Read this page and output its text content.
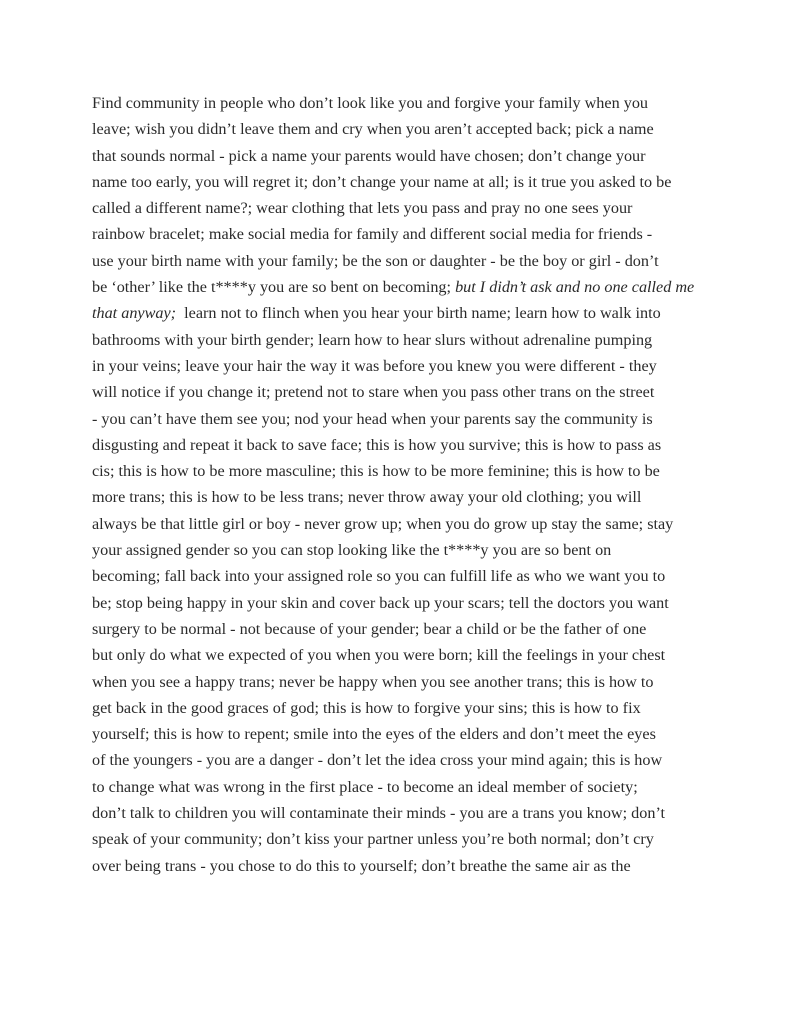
Find community in people who don’t look like you and forgive your family when you
leave; wish you didn’t leave them and cry when you aren’t accepted back; pick a name
that sounds normal - pick a name your parents would have chosen; don’t change your
name too early, you will regret it; don’t change your name at all; is it true you asked to be
called a different name?; wear clothing that lets you pass and pray no one sees your
rainbow bracelet; make social media for family and different social media for friends -
use your birth name with your family; be the son or daughter - be the boy or girl - don’t
be ‘other’ like the t****y you are so bent on becoming; but I didn’t ask and no one called me
that anyway;  learn not to flinch when you hear your birth name; learn how to walk into
bathrooms with your birth gender; learn how to hear slurs without adrenaline pumping
in your veins; leave your hair the way it was before you knew you were different - they
will notice if you change it; pretend not to stare when you pass other trans on the street
- you can’t have them see you; nod your head when your parents say the community is
disgusting and repeat it back to save face; this is how you survive; this is how to pass as
cis; this is how to be more masculine; this is how to be more feminine; this is how to be
more trans; this is how to be less trans; never throw away your old clothing; you will
always be that little girl or boy - never grow up; when you do grow up stay the same; stay
your assigned gender so you can stop looking like the t****y you are so bent on
becoming; fall back into your assigned role so you can fulfill life as who we want you to
be; stop being happy in your skin and cover back up your scars; tell the doctors you want
surgery to be normal - not because of your gender; bear a child or be the father of one
but only do what we expected of you when you were born; kill the feelings in your chest
when you see a happy trans; never be happy when you see another trans; this is how to
get back in the good graces of god; this is how to forgive your sins; this is how to fix
yourself; this is how to repent; smile into the eyes of the elders and don’t meet the eyes
of the youngers - you are a danger - don’t let the idea cross your mind again; this is how
to change what was wrong in the first place - to become an ideal member of society;
don’t talk to children you will contaminate their minds - you are a trans you know; don’t
speak of your community; don’t kiss your partner unless you’re both normal; don’t cry
over being trans - you chose to do this to yourself; don’t breathe the same air as the
